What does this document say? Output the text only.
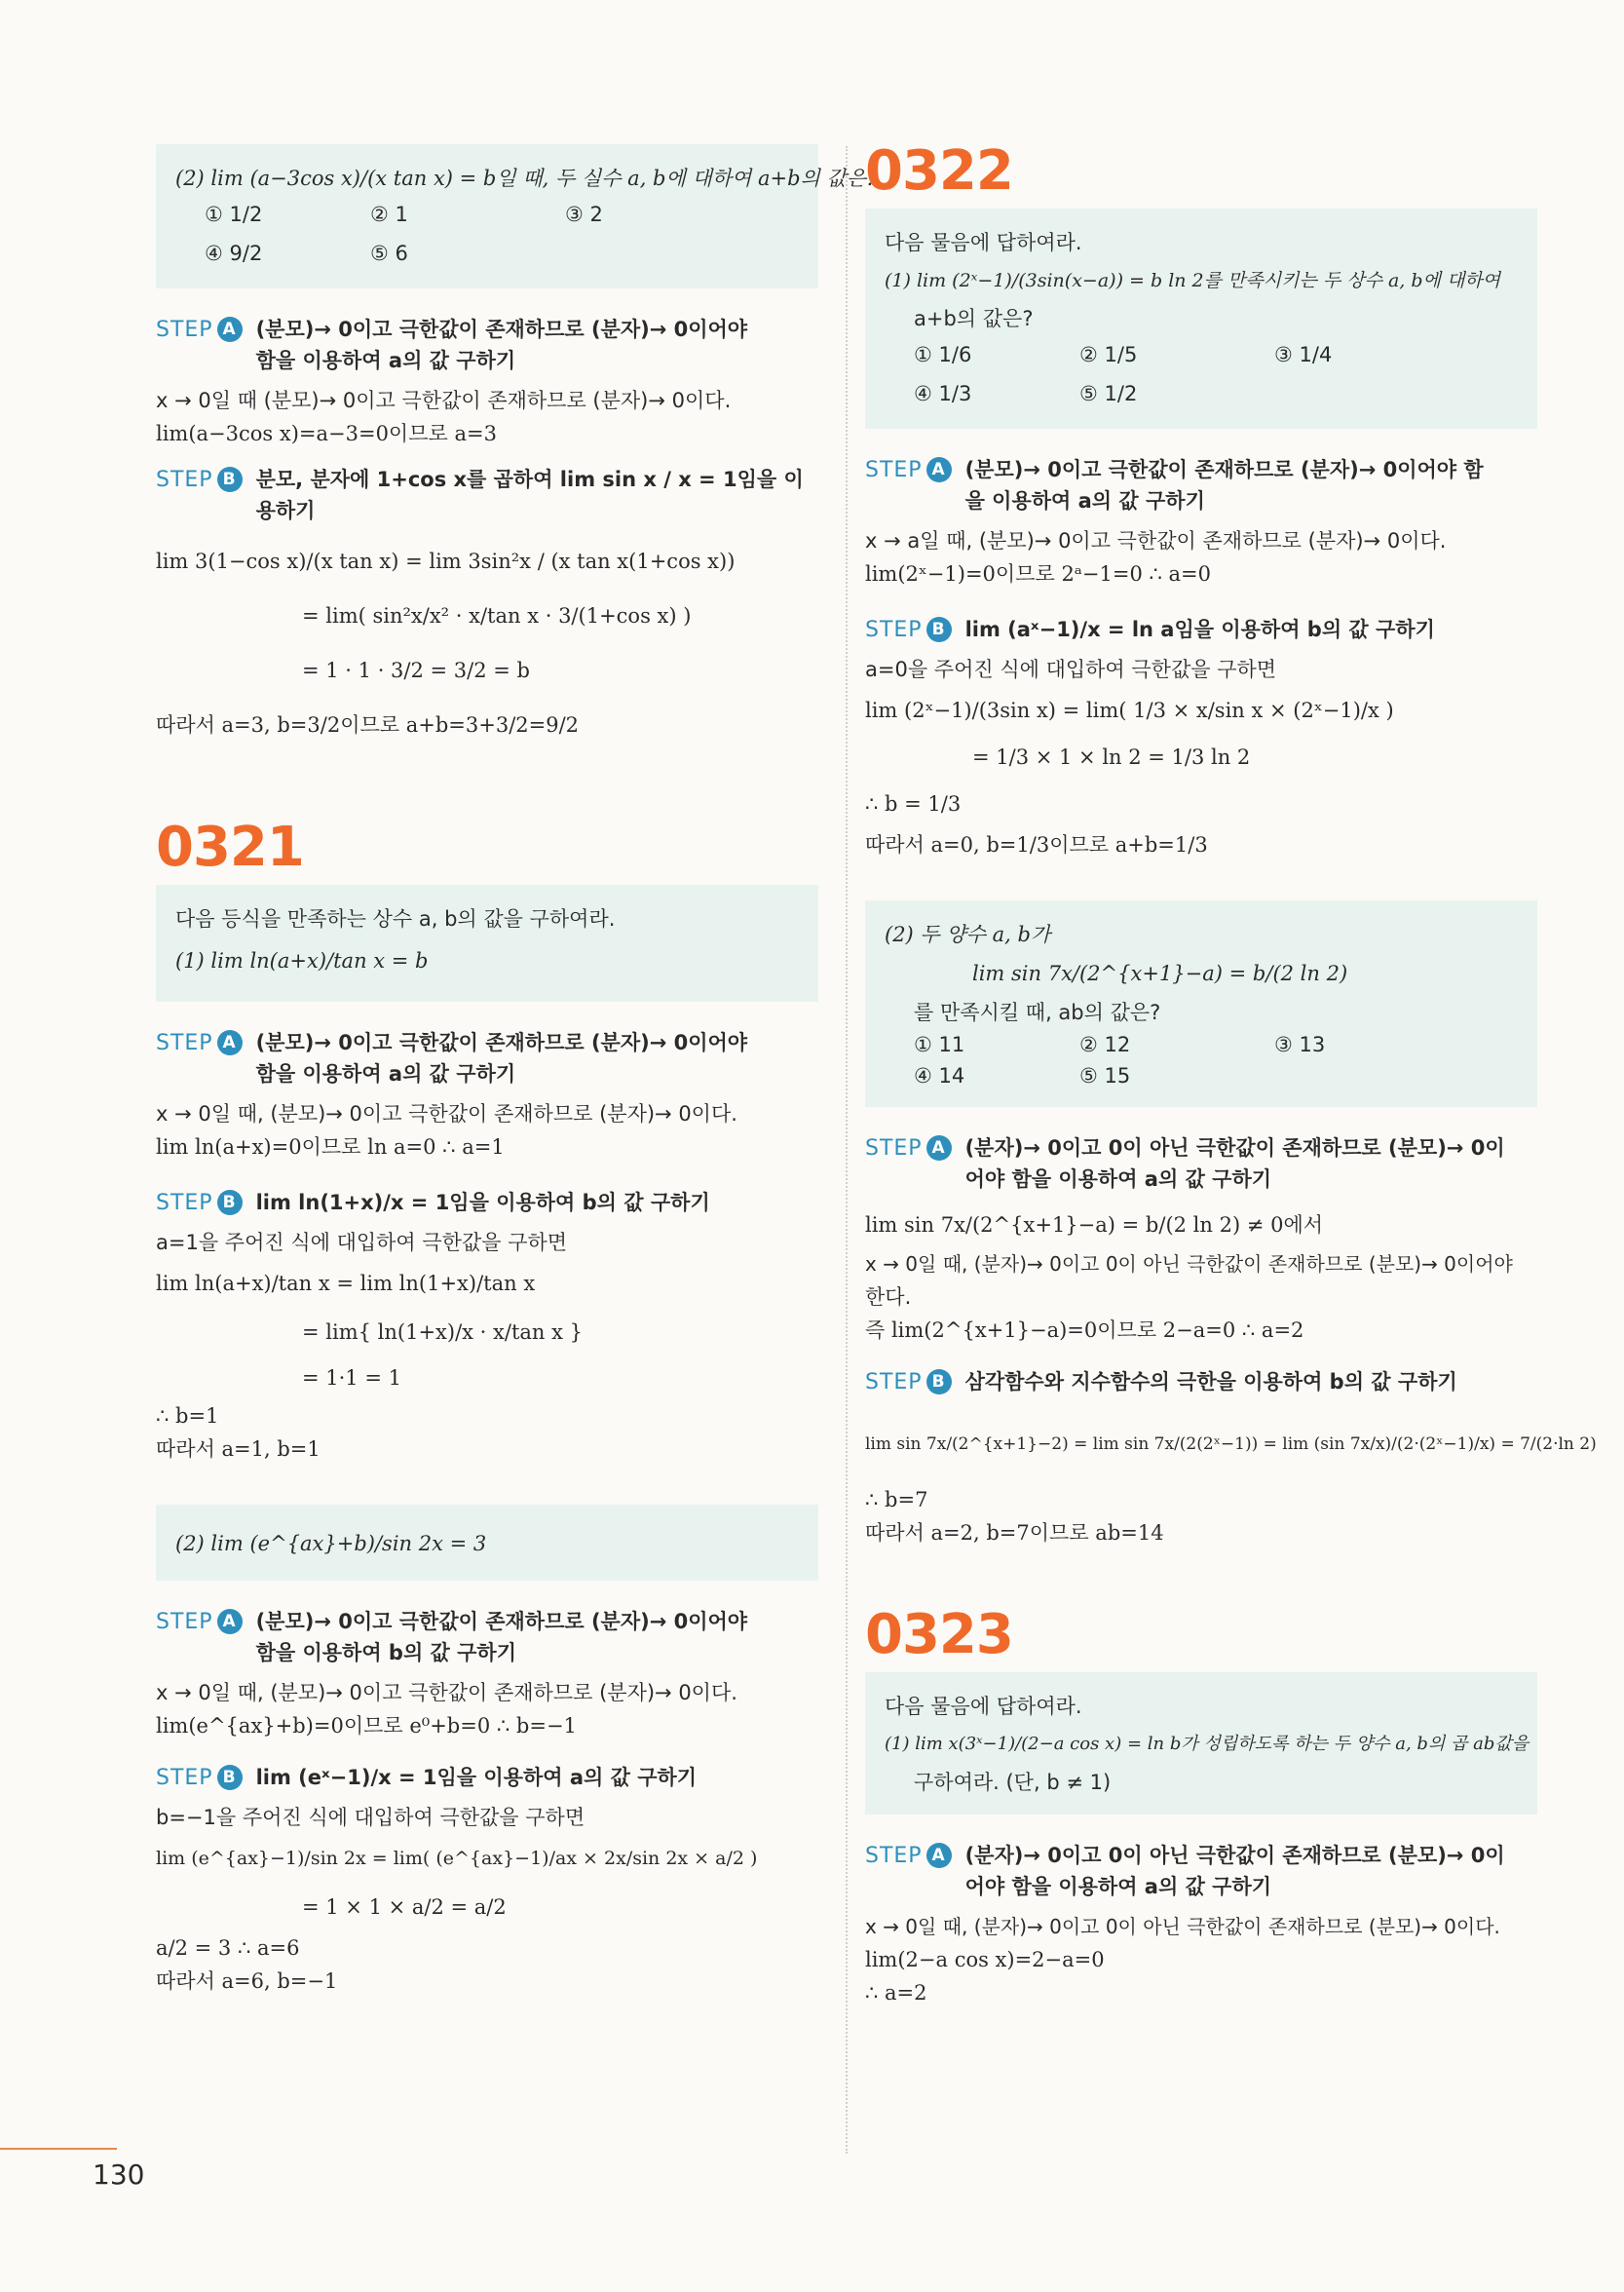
(2) lim (a−3cos x)/(x tan x) = b일 때, 두 실수 a, b에 대하여 a+b의 값은?
① 1/2	② 1	③ 2
④ 9/2	⑤ 6
STEP A (분모)→ 0이고 극한값이 존재하므로 (분자)→ 0이어야 함을 이용하여 a의 값 구하기
x → 0일 때 (분모)→ 0이고 극한값이 존재하므로 (분자)→ 0이다.
lim(a−3cos x)=a−3=0이므로 a=3
STEP B 분모, 분자에 1+cos x를 곱하여 lim sin x / x = 1임을 이용하기
lim 3(1−cos x)/(x tan x) = lim 3sin²x / (x tan x(1+cos x))
= lim( sin²x/x² · x/tan x · 3/(1+cos x) )
= 1 · 1 · 3/2 = 3/2 = b
따라서 a=3, b=3/2이므로 a+b=3+3/2=9/2
0321
다음 등식을 만족하는 상수 a, b의 값을 구하여라.
(1) lim ln(a+x)/tan x = b
STEP A (분모)→ 0이고 극한값이 존재하므로 (분자)→ 0이어야 함을 이용하여 a의 값 구하기
x → 0일 때, (분모)→ 0이고 극한값이 존재하므로 (분자)→ 0이다.
lim ln(a+x)=0이므로 ln a=0 ∴ a=1
STEP B lim ln(1+x)/x = 1임을 이용하여 b의 값 구하기
a=1을 주어진 식에 대입하여 극한값을 구하면
lim ln(a+x)/tan x = lim ln(1+x)/tan x
= lim{ ln(1+x)/x · x/tan x }
= 1·1 = 1
∴ b=1
따라서 a=1, b=1
(2) lim (e^{ax}+b)/sin 2x = 3
STEP A (분모)→ 0이고 극한값이 존재하므로 (분자)→ 0이어야 함을 이용하여 b의 값 구하기
x → 0일 때, (분모)→ 0이고 극한값이 존재하므로 (분자)→ 0이다.
lim(e^{ax}+b)=0이므로 e⁰+b=0 ∴ b=−1
STEP B lim (eˣ−1)/x = 1임을 이용하여 a의 값 구하기
b=−1을 주어진 식에 대입하여 극한값을 구하면
lim (e^{ax}−1)/sin 2x = lim( (e^{ax}−1)/ax × 2x/sin 2x × a/2 )
= 1 × 1 × a/2 = a/2
a/2 = 3 ∴ a=6
따라서 a=6, b=−1
0322
다음 물음에 답하여라.
(1) lim (2ˣ−1)/(3sin(x−a)) = b ln 2를 만족시키는 두 상수 a, b에 대하여
a+b의 값은?
① 1/6	② 1/5	③ 1/4
④ 1/3	⑤ 1/2
STEP A (분모)→ 0이고 극한값이 존재하므로 (분자)→ 0이어야 함을 이용하여 a의 값 구하기
x → a일 때, (분모)→ 0이고 극한값이 존재하므로 (분자)→ 0이다.
lim(2ˣ−1)=0이므로 2ᵃ−1=0 ∴ a=0
STEP B lim (aˣ−1)/x = ln a임을 이용하여 b의 값 구하기
a=0을 주어진 식에 대입하여 극한값을 구하면
lim (2ˣ−1)/(3sin x) = lim( 1/3 × x/sin x × (2ˣ−1)/x )
= 1/3 × 1 × ln 2 = 1/3 ln 2
∴ b = 1/3
따라서 a=0, b=1/3이므로 a+b=1/3
(2) 두 양수 a, b가
lim sin 7x/(2^{x+1}−a) = b/(2 ln 2)
를 만족시킬 때, ab의 값은?
① 11	② 12	③ 13
④ 14	⑤ 15
STEP A (분자)→ 0이고 0이 아닌 극한값이 존재하므로 (분모)→ 0이어야 함을 이용하여 a의 값 구하기
lim sin 7x/(2^{x+1}−a) = b/(2 ln 2) ≠ 0에서
x → 0일 때, (분자)→ 0이고 0이 아닌 극한값이 존재하므로 (분모)→ 0이어야
한다.
즉 lim(2^{x+1}−a)=0이므로 2−a=0 ∴ a=2
STEP B 삼각함수와 지수함수의 극한을 이용하여 b의 값 구하기
lim sin 7x/(2^{x+1}−2) = lim sin 7x/(2(2ˣ−1)) = lim (sin 7x/x)/(2·(2ˣ−1)/x) = 7/(2·ln 2)
∴ b=7
따라서 a=2, b=7이므로 ab=14
0323
다음 물음에 답하여라.
(1) lim x(3ˣ−1)/(2−a cos x) = ln b가 성립하도록 하는 두 양수 a, b의 곱 ab값을
구하여라. (단, b ≠ 1)
STEP A (분자)→ 0이고 0이 아닌 극한값이 존재하므로 (분모)→ 0이어야 함을 이용하여 a의 값 구하기
x → 0일 때, (분자)→ 0이고 0이 아닌 극한값이 존재하므로 (분모)→ 0이다.
lim(2−a cos x)=2−a=0
∴ a=2
130
